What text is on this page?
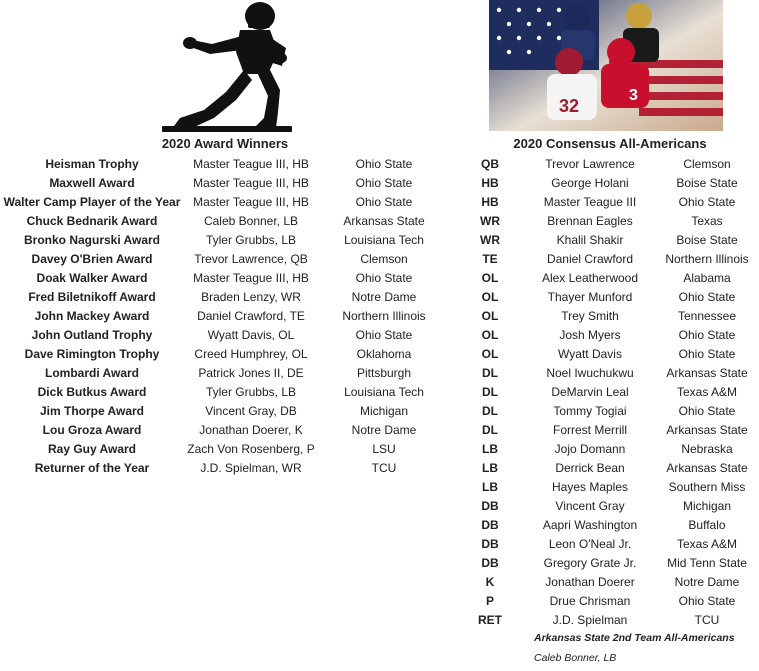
32
3
2020 Award Winners	2020 Consensus All-Americans
Heisman Trophy	Master Teague III, HB	Ohio State
Maxwell Award	Master Teague III, HB	Ohio State
Walter Camp Player of the Year	Master Teague III, HB	Ohio State
Chuck Bednarik Award	Caleb Bonner, LB	Arkansas State
Bronko Nagurski Award	Tyler Grubbs, LB	Louisiana Tech
Davey O'Brien Award	Trevor Lawrence, QB	Clemson
Doak Walker Award	Master Teague III, HB	Ohio State
Fred Biletnikoff Award	Braden Lenzy, WR	Notre Dame
John Mackey Award	Daniel Crawford, TE	Northern Illinois
John Outland Trophy	Wyatt Davis, OL	Ohio State
Dave Rimington Trophy	Creed Humphrey, OL	Oklahoma
Lombardi Award	Patrick Jones II, DE	Pittsburgh
Dick Butkus Award	Tyler Grubbs, LB	Louisiana Tech
Jim Thorpe Award	Vincent Gray, DB	Michigan
Lou Groza Award	Jonathan Doerer, K	Notre Dame
Ray Guy Award	Zach Von Rosenberg, P	LSU
Returner of the Year	J.D. Spielman, WR	TCU
QB	Trevor Lawrence	Clemson
HB	George Holani	Boise State
HB	Master Teague III	Ohio State
WR	Brennan Eagles	Texas
WR	Khalil Shakir	Boise State
TE	Daniel Crawford	Northern Illinois
OL	Alex Leatherwood	Alabama
OL	Thayer Munford	Ohio State
OL	Trey Smith	Tennessee
OL	Josh Myers	Ohio State
OL	Wyatt Davis	Ohio State
DL	Noel Iwuchukwu	Arkansas State
DL	DeMarvin Leal	Texas A&M
DL	Tommy Togiai	Ohio State
DL	Forrest Merrill	Arkansas State
LB	Jojo Domann	Nebraska
LB	Derrick Bean	Arkansas State
LB	Hayes Maples	Southern Miss
DB	Vincent Gray	Michigan
DB	Aapri Washington	Buffalo
DB	Leon O'Neal Jr.	Texas A&M
DB	Gregory Grate Jr.	Mid Tenn State
K	Jonathan Doerer	Notre Dame
P	Drue Chrisman	Ohio State
RET	J.D. Spielman	TCU
Arkansas State 2nd Team All-Americans
Caleb Bonner, LB
